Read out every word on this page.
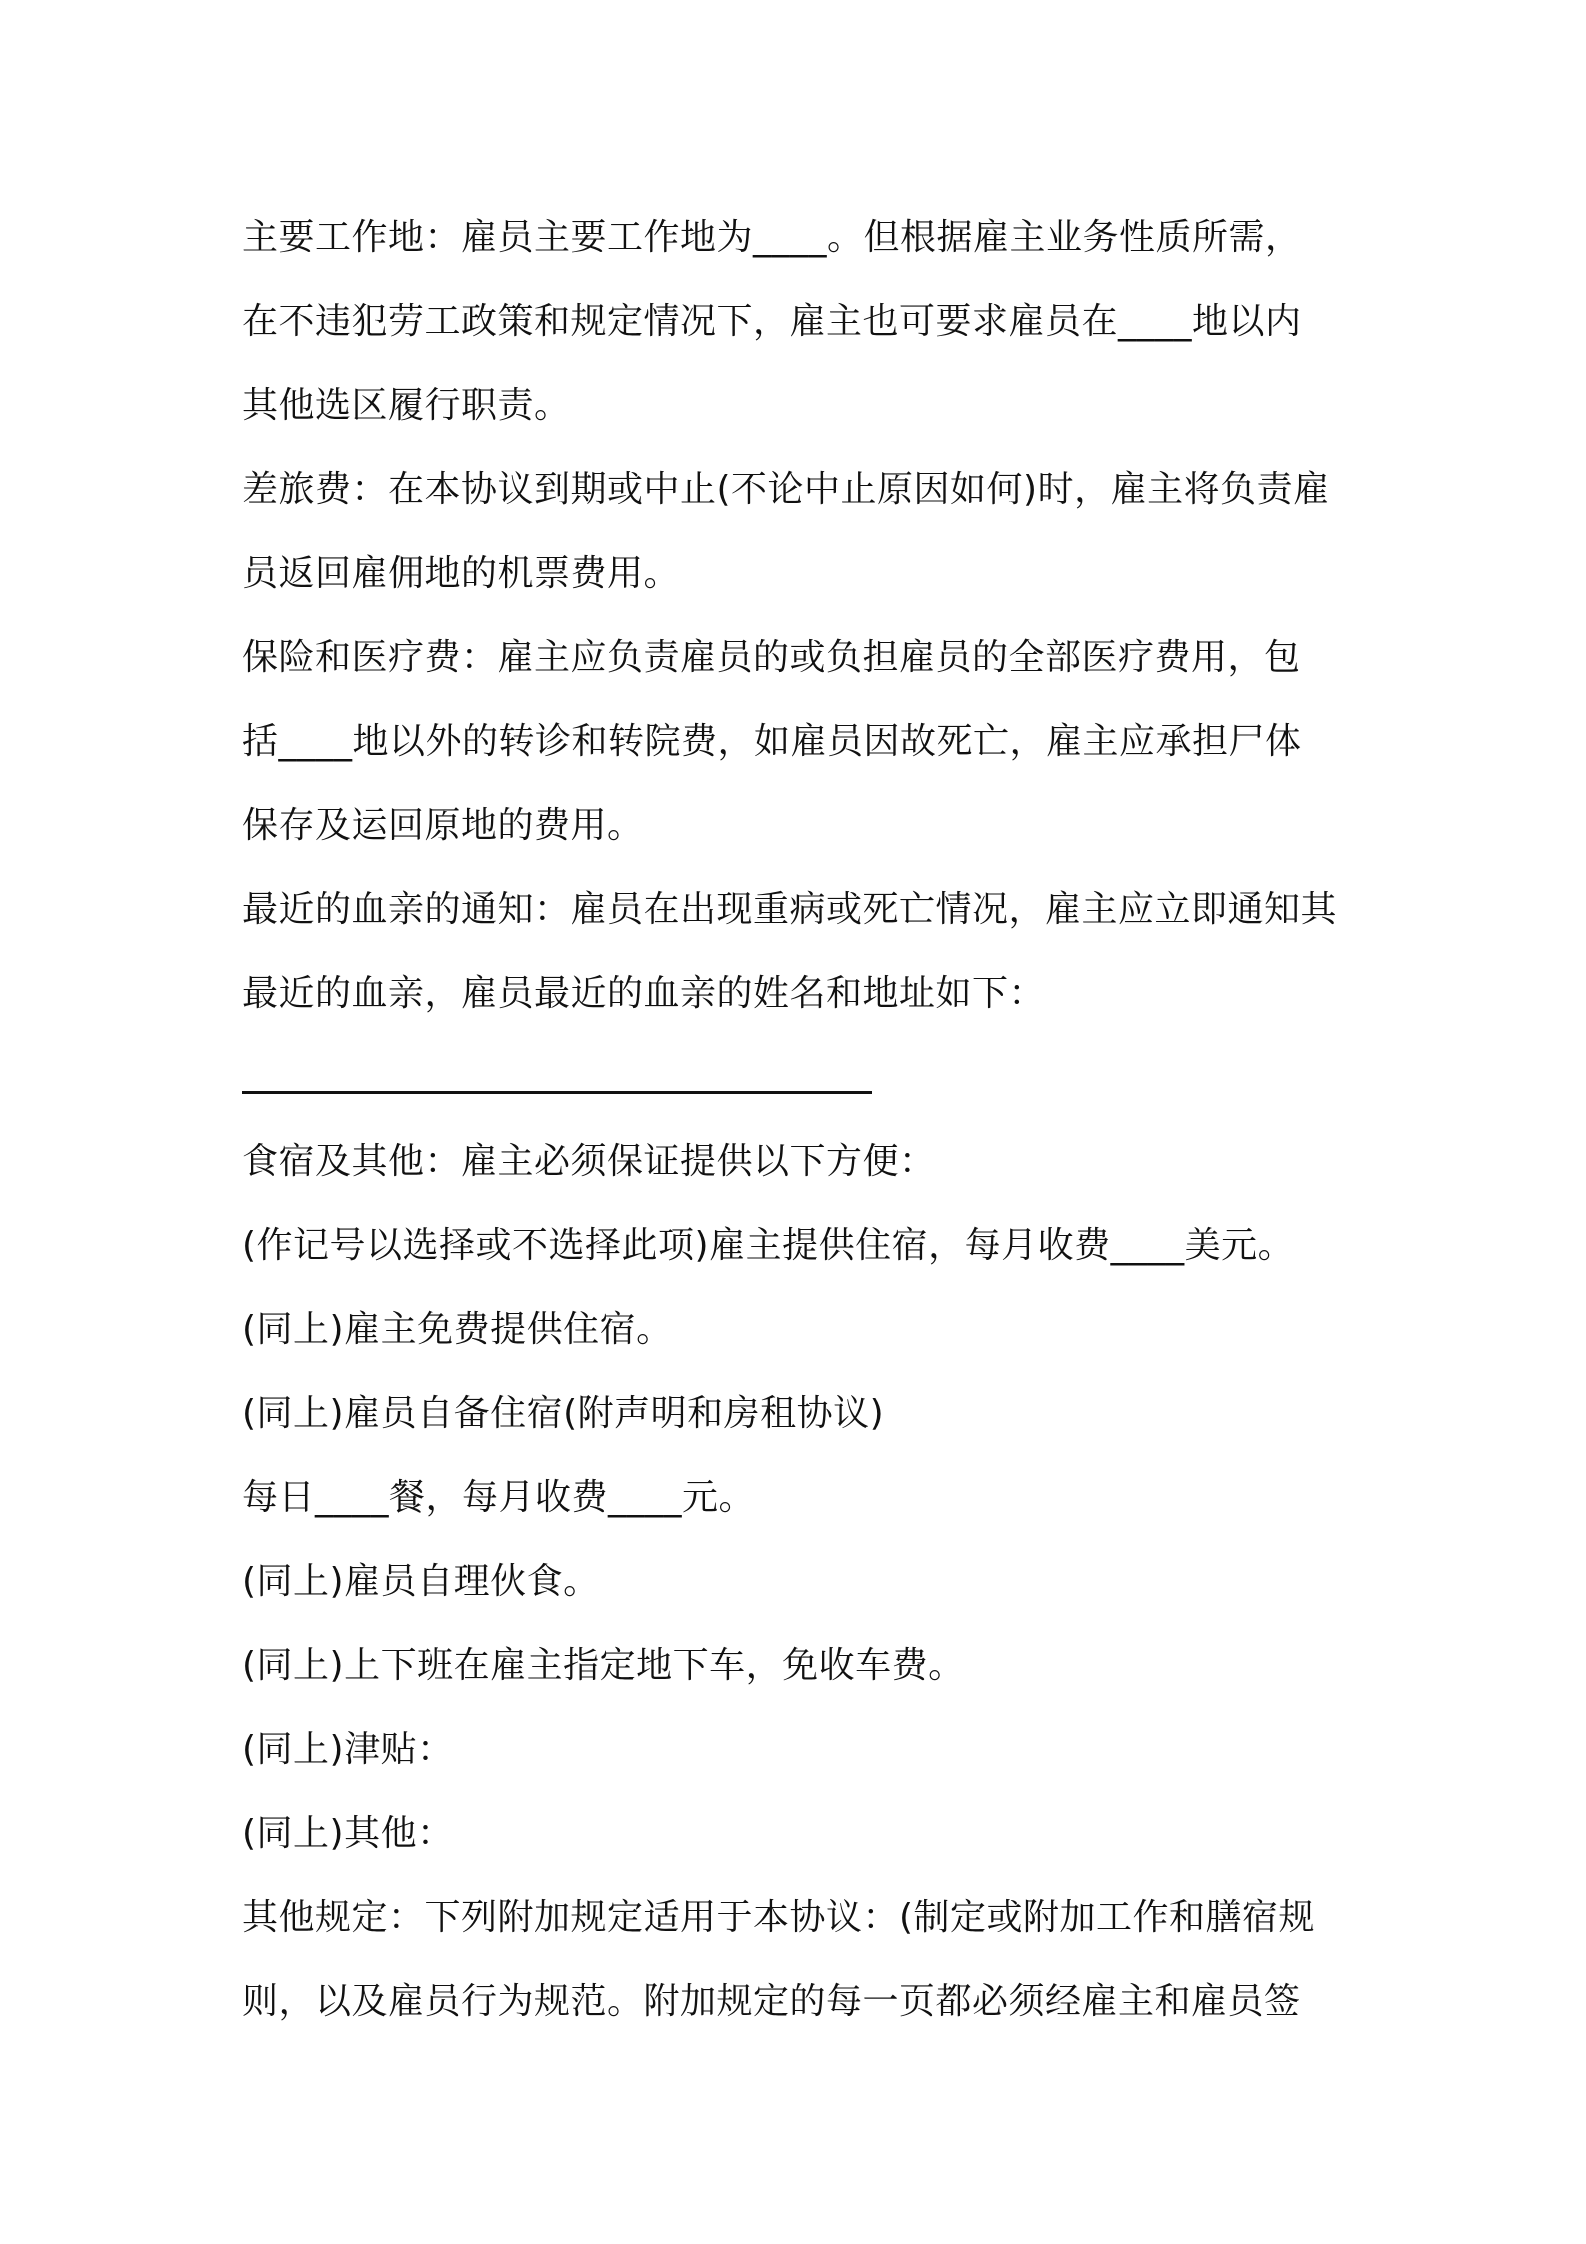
主要工作地：雇员主要工作地为____。但根据雇主业务性质所需，
在不违犯劳工政策和规定情况下，雇主也可要求雇员在____地以内
其他选区履行职责。
差旅费：在本协议到期或中止(不论中止原因如何)时，雇主将负责雇
员返回雇佣地的机票费用。
保险和医疗费：雇主应负责雇员的或负担雇员的全部医疗费用，包
括____地以外的转诊和转院费，如雇员因故死亡，雇主应承担尸体
保存及运回原地的费用。
最近的血亲的通知：雇员在出现重病或死亡情况，雇主应立即通知其
最近的血亲，雇员最近的血亲的姓名和地址如下：
食宿及其他：雇主必须保证提供以下方便：
(作记号以选择或不选择此项)雇主提供住宿，每月收费____美元。
(同上)雇主免费提供住宿。
(同上)雇员自备住宿(附声明和房租协议)
每日____餐，每月收费____元。
(同上)雇员自理伙食。
(同上)上下班在雇主指定地下车，免收车费。
(同上)津贴：
(同上)其他：
其他规定：下列附加规定适用于本协议：(制定或附加工作和膳宿规
则，以及雇员行为规范。附加规定的每一页都必须经雇主和雇员签
